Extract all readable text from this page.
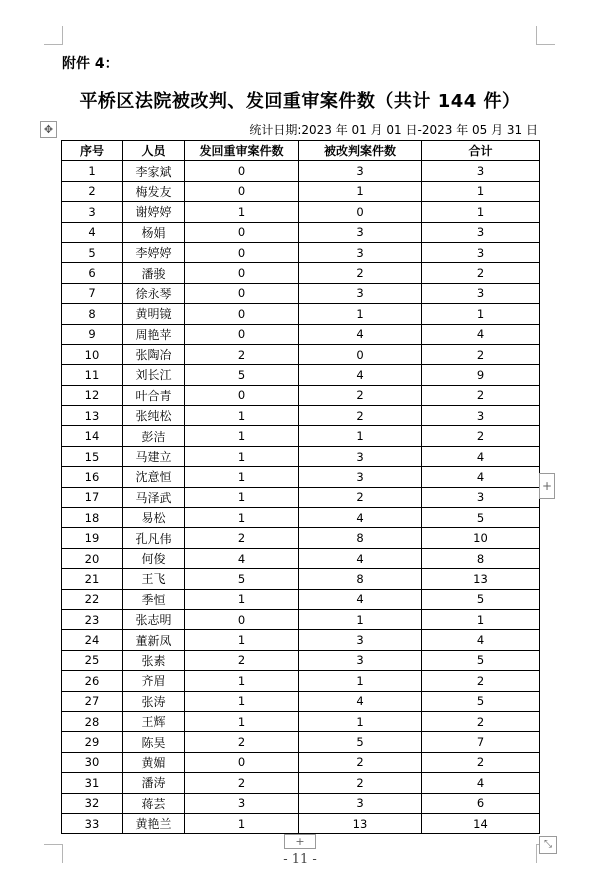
附件 4：
平桥区法院被改判、发回重审案件数（共计 144 件）
统计日期:2023 年 01 月 01 日-2023 年 05 月 31 日
✥
序号	人员	发回重审案件数	被改判案件数	合计
1	李家斌	0	3	3
2	梅发友	0	1	1
3	谢婷婷	1	0	1
4	杨娟	0	3	3
5	李婷婷	0	3	3
6	潘骏	0	2	2
7	徐永琴	0	3	3
8	黄明镜	0	1	1
9	周艳苹	0	4	4
10	张陶冶	2	0	2
11	刘长江	5	4	9
12	叶合青	0	2	2
13	张纯松	1	2	3
14	彭洁	1	1	2
15	马建立	1	3	4
16	沈意恒	1	3	4
17	马泽武	1	2	3
18	易松	1	4	5
19	孔凡伟	2	8	10
20	何俊	4	4	8
21	王飞	5	8	13
22	季恒	1	4	5
23	张志明	0	1	1
24	董新凤	1	3	4
25	张素	2	3	5
26	齐眉	1	1	2
27	张涛	1	4	5
28	王辉	1	1	2
29	陈昊	2	5	7
30	黄媚	0	2	2
31	潘涛	2	2	4
32	蒋芸	3	3	6
33	黄艳兰	1	13	14
+
+	⤡
- 11 -
